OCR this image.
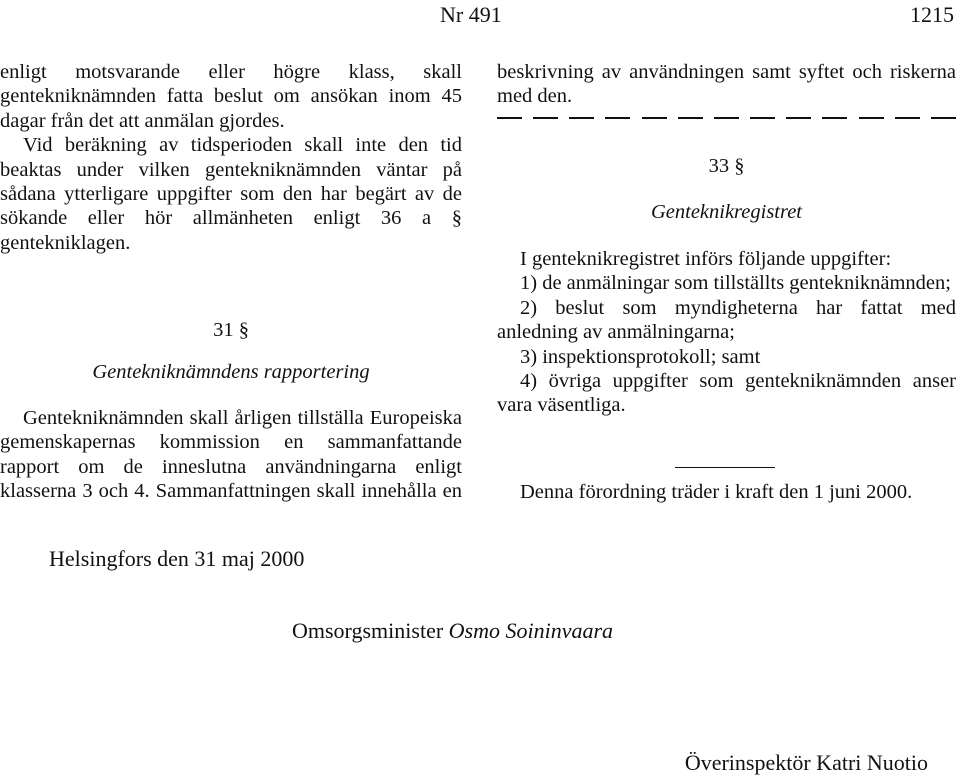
Nr 491	1215

enligt motsvarande eller högre klass, skall gentekniknämnden fatta beslut om ansökan inom 45 dagar från det att anmälan gjordes.

Vid beräkning av tidsperioden skall inte den tid beaktas under vilken gentekniknämnden väntar på sådana ytterligare uppgifter som den har begärt av de sökande eller hör allmänheten enligt 36 a § gentekniklagen.

31 §
Gentekniknämndens rapportering

Gentekniknämnden skall årligen tillställa Europeiska gemenskapernas kommission en sammanfattande rapport om de inneslutna användningarna enligt klasserna 3 och 4. Sammanfattningen skall innehålla en

beskrivning av användningen samt syftet och riskerna med den.

33 §
Genteknikregistret

I genteknikregistret införs följande uppgifter:

1) de anmälningar som tillställts gentekniknämnden;

2) beslut som myndigheterna har fattat med anledning av anmälningarna;

3) inspektionsprotokoll; samt

4) övriga uppgifter som gentekniknämnden anser vara väsentliga.

Denna förordning träder i kraft den 1 juni 2000.

Helsingfors den 31 maj 2000
Omsorgsminister Osmo Soininvaara
Överinspektör Katri Nuotio
